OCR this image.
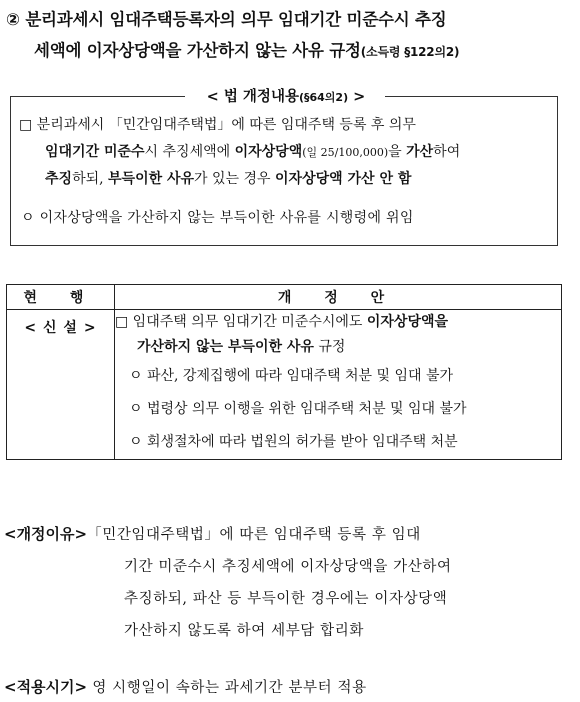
② 분리과세시 임대주택등록자의 의무 임대기간 미준수시 추징
세액에 이자상당액을 가산하지 않는 사유 규정(소득령 §122의2)
< 법 개정내용(§64의2) >
□ 분리과세시 「민간임대주택법」에 따른 임대주택 등록 후 의무
임대기간 미준수시 추징세액에 이자상당액(일 25/100,000)을 가산하여
추징하되, 부득이한 사유가 있는 경우 이자상당액 가산 안 함
ㅇ 이자상당액을 가산하지 않는 부득이한 사유를 시행령에 위임
현 행	개 정 안

< 신 설 >	□ 임대주택 의무 임대기간 미준수시에도 이자상당액을
가산하지 않는 부득이한 사유 규정
ㅇ 파산, 강제집행에 따라 임대주택 처분 및 임대 불가
ㅇ 법령상 의무 이행을 위한 임대주택 처분 및 임대 불가
ㅇ 회생절차에 따라 법원의 허가를 받아 임대주택 처분
<개정이유>「민간임대주택법」에 따른 임대주택 등록 후 임대
기간 미준수시 추징세액에 이자상당액을 가산하여
추징하되, 파산 등 부득이한 경우에는 이자상당액
가산하지 않도록 하여 세부담 합리화
<적용시기> 영 시행일이 속하는 과세기간 분부터 적용
